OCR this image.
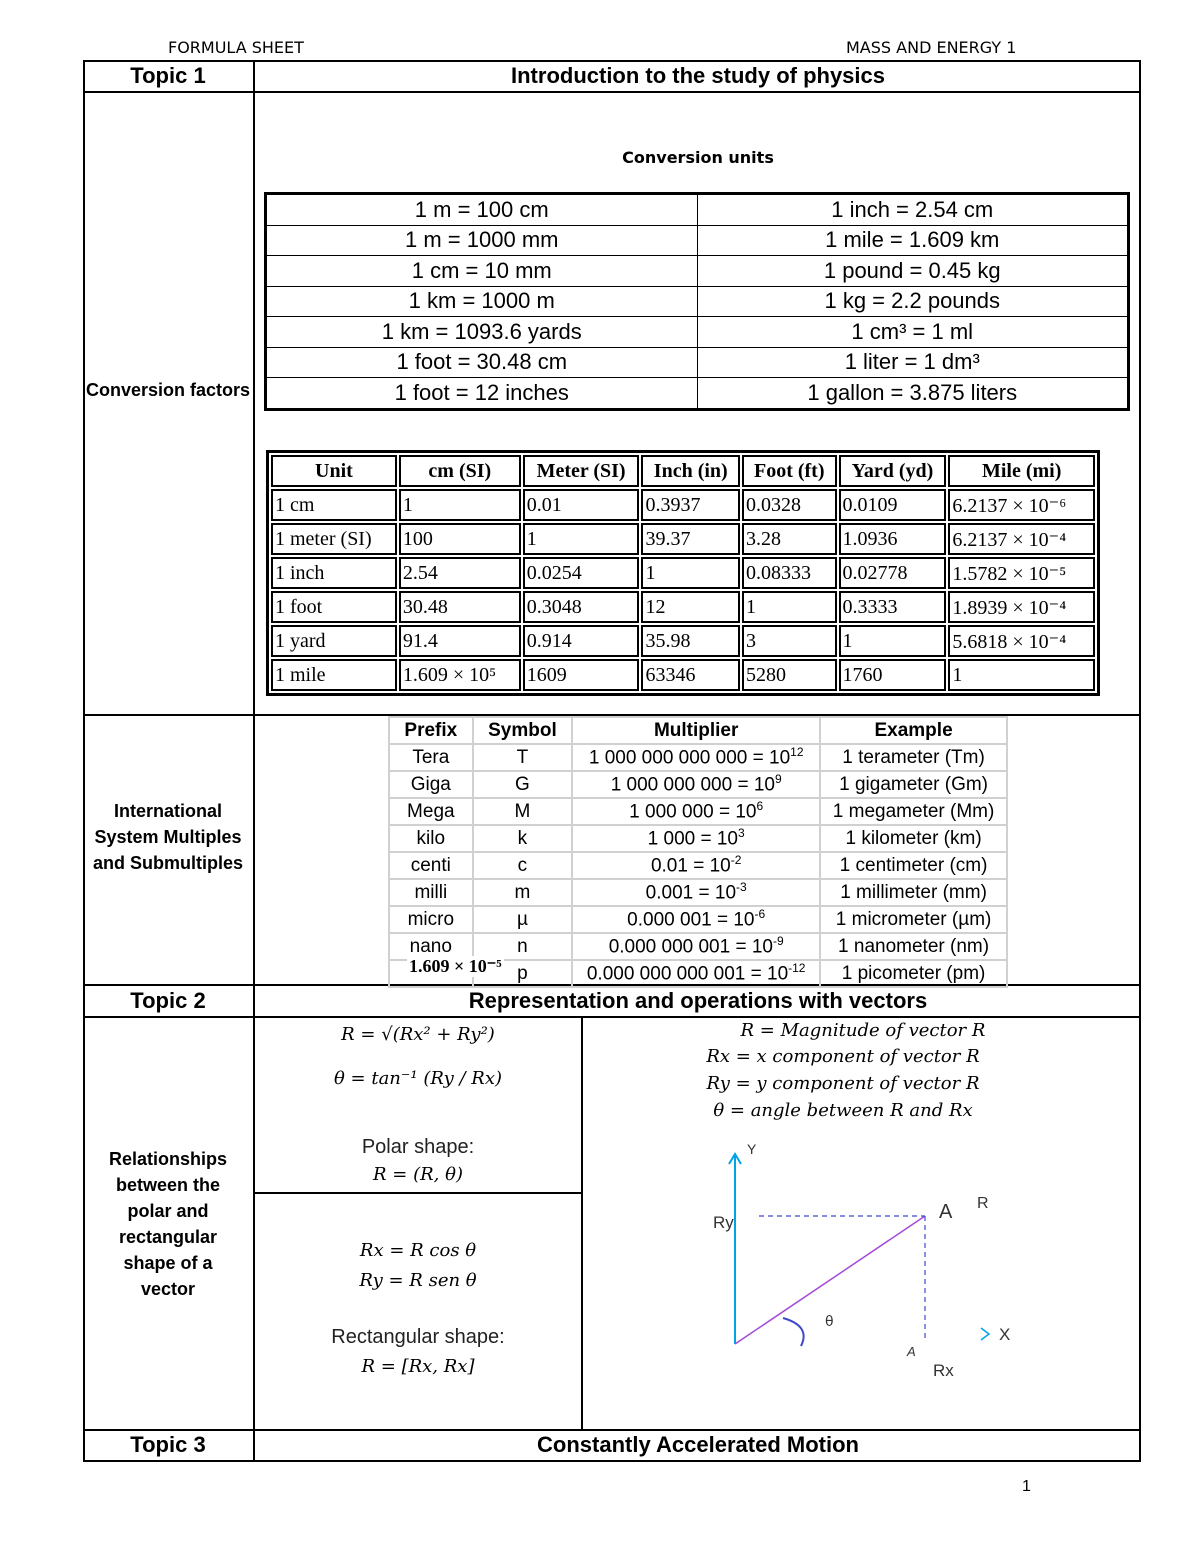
FORMULA SHEET	MASS AND ENERGY 1
Topic 1	Introduction to the study of physics
Conversion factors
Conversion units
1 m = 100 cm	1 inch = 2.54 cm
1 m = 1000 mm	1 mile = 1.609 km
1 cm = 10 mm	1 pound = 0.45 kg
1 km = 1000 m	1 kg = 2.2 pounds
1 km = 1093.6 yards	1 cm³ = 1 ml
1 foot = 30.48 cm	1 liter = 1 dm³
1 foot = 12 inches	1 gallon = 3.875 liters
Unit	cm (SI)	Meter (SI)	Inch (in)	Foot (ft)	Yard (yd)	Mile (mi)
1 cm	1	0.01	0.3937	0.0328	0.0109	6.2137 × 10⁻⁶
1 meter (SI)	100	1	39.37	3.28	1.0936	6.2137 × 10⁻⁴
1 inch	2.54	0.0254	1	0.08333	0.02778	1.5782 × 10⁻⁵
1 foot	30.48	0.3048	12	1	0.3333	1.8939 × 10⁻⁴
1 yard	91.4	0.914	35.98	3	1	5.6818 × 10⁻⁴
1 mile	1.609 × 10⁵	1609	63346	5280	1760	1
International System Multiples and Submultiples
Prefix	Symbol	Multiplier	Example
Tera	T	1 000 000 000 $000 = 10^{12}$	1 terameter (Tm)
Giga	G	1 000 000 $000 = 10^9$	1 gigameter (Gm)
Mega	M	1 000 $000 = 10^6$	1 megameter (Mm)
kilo	k	1 $000 = 10^3$	1 kilometer (km)
centi	c	$0.01 = 10^{-2}$	1 centimeter (cm)
milli	m	$0.001 = 10^{-3}$	1 millimeter (mm)
micro	µ	0.000 $001 = 10^{-6}$	1 micrometer (µm)
nano	n	0.000 000 $001 = 10^{-9}$	1 nanometer (nm)
	p	0.000 000 000 $001 = 10^{-12}$	1 picometer (pm)
1.609 × 10⁻⁵
Topic 2	Representation and operations with vectors
Relationships between the polar and rectangular shape of a vector
R = √(Rx² + Ry²)
θ = tan⁻¹ (Ry / Rx)
Polar shape:
R = (R, θ)
Rx = R cos θ
Ry = R sen θ
Rectangular shape:
R = [Rx, Rx]
R = Magnitude of vector R
Rx = x component of vector R
Ry = y component of vector R
θ = angle between R and Rx
Y
X
Ry
Rx
A R
θ
A
Topic 3	Constantly Accelerated Motion
1
